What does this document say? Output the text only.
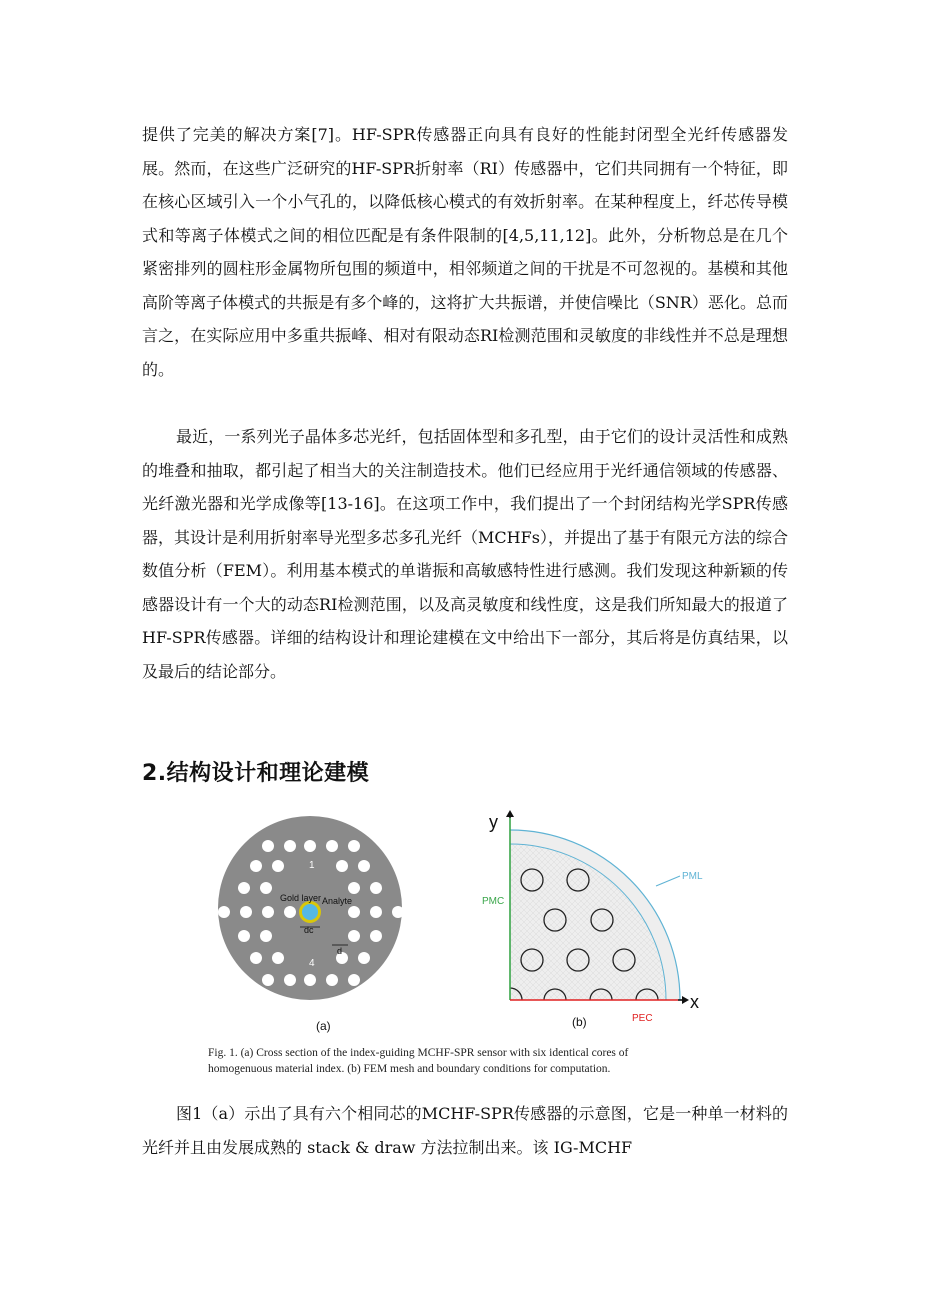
提供了完美的解决方案[7]。HF-SPR传感器正向具有良好的性能封闭型全光纤传感器发展。然而，在这些广泛研究的HF-SPR折射率（RI）传感器中，它们共同拥有一个特征，即在核心区域引入一个小气孔的，以降低核心模式的有效折射率。在某种程度上，纤芯传导模式和等离子体模式之间的相位匹配是有条件限制的[4,5,11,12]。此外，分析物总是在几个紧密排列的圆柱形金属物所包围的频道中，相邻频道之间的干扰是不可忽视的。基模和其他高阶等离子体模式的共振是有多个峰的，这将扩大共振谱，并使信噪比（SNR）恶化。总而言之，在实际应用中多重共振峰、相对有限动态RI检测范围和灵敏度的非线性并不总是理想的。

最近，一系列光子晶体多芯光纤，包括固体型和多孔型，由于它们的设计灵活性和成熟的堆叠和抽取，都引起了相当大的关注制造技术。他们已经应用于光纤通信领域的传感器、光纤激光器和光学成像等[13-16]。在这项工作中，我们提出了一个封闭结构光学SPR传感器，其设计是利用折射率导光型多芯多孔光纤（MCHFs），并提出了基于有限元方法的综合数值分析（FEM）。利用基本模式的单谐振和高敏感特性进行感测。我们发现这种新颖的传感器设计有一个大的动态RI检测范围，以及高灵敏度和线性度，这是我们所知最大的报道了HF-SPR传感器。详细的结构设计和理论建模在文中给出下一部分，其后将是仿真结果，以及最后的结论部分。

2.结构设计和理论建模
1
2
3
4
5
6
Gold layer Analyte
dc
d
(a)
y
x
PMC
PML
PEC
(b)

Fig. 1. (a) Cross section of the index-guiding MCHF-SPR sensor with six identical cores of
homogenuous material index. (b) FEM mesh and boundary conditions for computation.

图1（a）示出了具有六个相同芯的MCHF-SPR传感器的示意图，它是一种单一材料的光纤并且由发展成熟的 stack & draw 方法拉制出来。该 IG-MCHF
